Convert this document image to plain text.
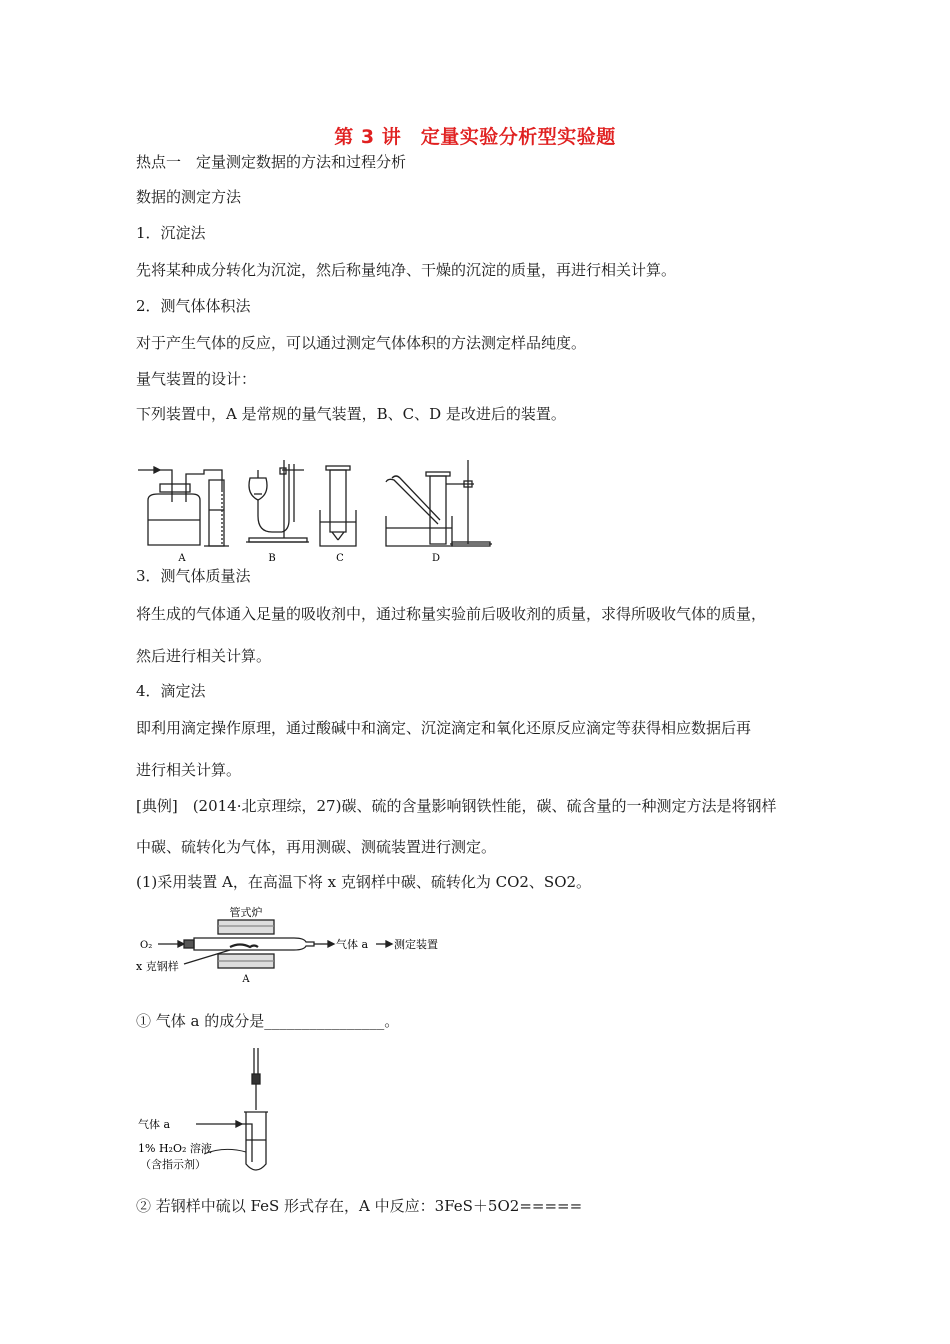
第 3 讲　定量实验分析型实验题
热点一　定量测定数据的方法和过程分析
数据的测定方法
1．沉淀法
先将某种成分转化为沉淀，然后称量纯净、干燥的沉淀的质量，再进行相关计算。
2．测气体体积法
对于产生气体的反应，可以通过测定气体体积的方法测定样品纯度。
量气装置的设计：
下列装置中，A 是常规的量气装置，B、C、D 是改进后的装置。
A	B	C	D
3．测气体质量法
将生成的气体通入足量的吸收剂中，通过称量实验前后吸收剂的质量，求得所吸收气体的质量，
然后进行相关计算。
4．滴定法
即利用滴定操作原理，通过酸碱中和滴定、沉淀滴定和氧化还原反应滴定等获得相应数据后再
进行相关计算。
[典例]　(2014·北京理综，27)碳、硫的含量影响钢铁性能，碳、硫含量的一种测定方法是将钢样
中碳、硫转化为气体，再用测碳、测硫装置进行测定。
(1)采用装置 A，在高温下将 x 克钢样中碳、硫转化为 CO2、SO2。
管式炉
O₂
x 克钢样
气体 a 测定装置
A
① 气体 a 的成分是________________。
气体 a
1% H₂O₂ 溶液
（含指示剂）
② 若钢样中硫以 FeS 形式存在，A 中反应：3FeS＋5O2=====
